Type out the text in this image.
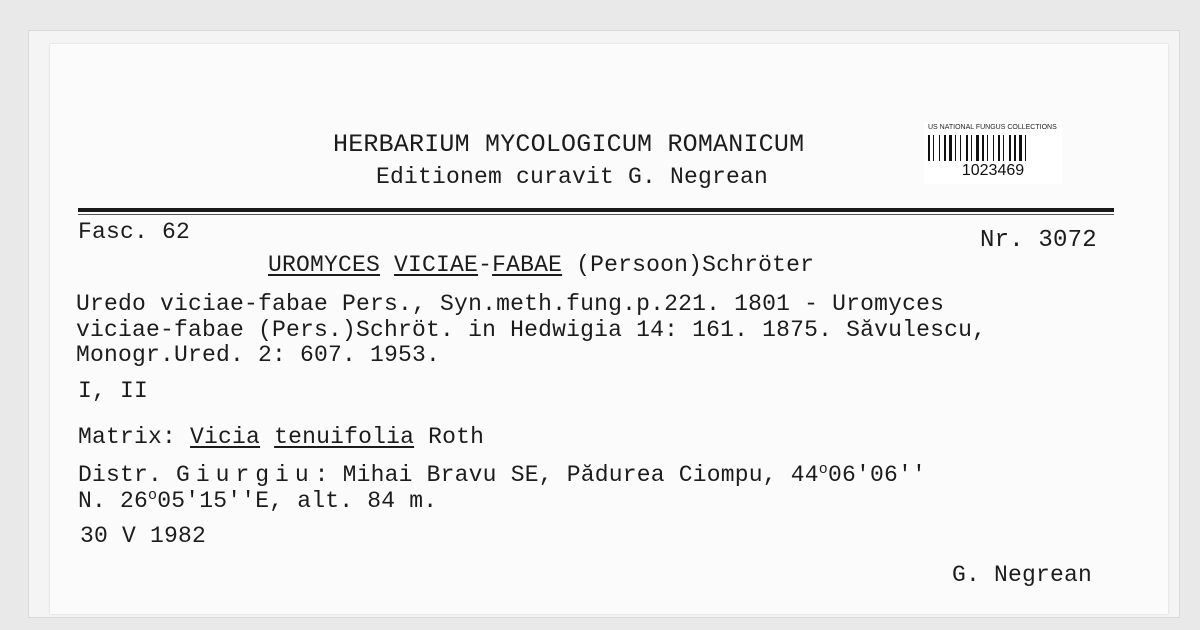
HERBARIUM MYCOLOGICUM ROMANICUM
Editionem curavit G. Negrean
US NATIONAL FUNGUS COLLECTIONS
1023469
Fasc. 62	Nr. 3072
UROMYCES VICIAE-FABAE (Persoon)Schröter
Uredo viciae-fabae Pers., Syn.meth.fung.p.221. 1801 - Uromyces
viciae-fabae (Pers.)Schröt. in Hedwigia 14: 161. 1875. Săvulescu,
Monogr.Ured. 2: 607. 1953.
I, II
Matrix: Vicia tenuifolia Roth
Distr. Giurgiu: Mihai Bravu SE, Pădurea Ciompu, 44$^o$06'06''
N. 26$^o$05'15''E, alt. 84 m.
30 V 1982
G. Negrean
